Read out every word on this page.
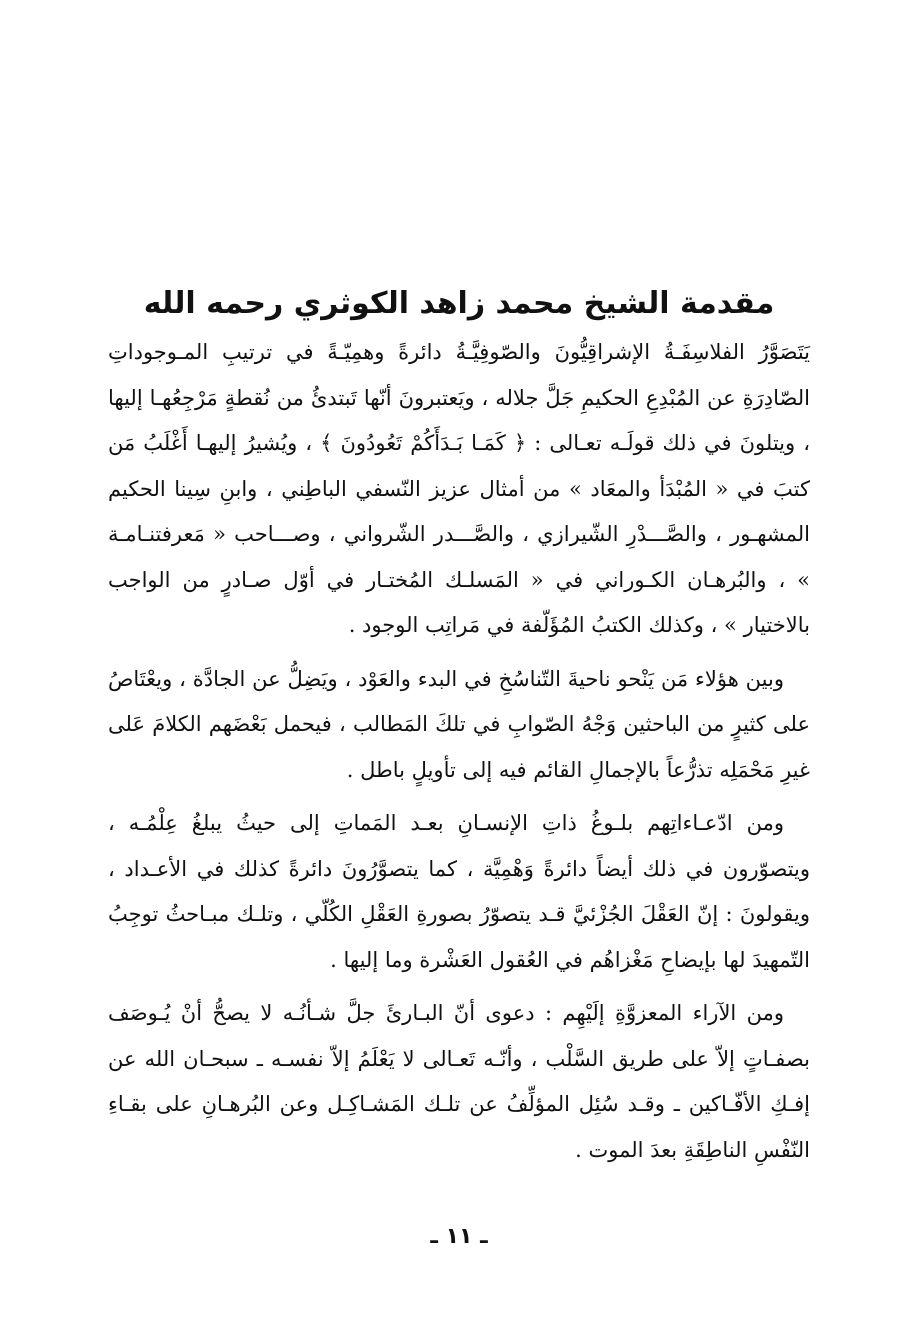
مقدمة الشيخ محمد زاهد الكوثري رحمه الله

يَتَصَوَّرُ الفلاسِفَـةُ الإشراقِيُّونَ والصّوفِيَّـةُ دائرةً وهمِيّـةً في ترتيبِ المـوجوداتِ الصّادِرَةِ عن المُبْدِعِ الحكيمِ جَلَّ جلاله ، ويَعتبرونَ أنّها تَبتدئُ من نُقطةٍ مَرْجِعُهـا إليها ، ويتلونَ في ذلك قولَـه تعـالى : ﴿ كَمَـا بَـدَأَكُمْ تَعُودُونَ ﴾ ، ويُشيرُ إليهـا أَغْلَبُ مَن كتبَ في « المُبْدَأ والمعَاد » من أمثال عزيز النّسفي الباطِني ، وابنِ سِينا الحكيم المشهـور ، والصَّـــدْرِ الشّيرازي ، والصَّـــدر الشّرواني ، وصـــاحب « مَعرفتنـامـة » ، والبُرهـان الكـوراني في « المَسلـك المُختـار في أوّل صـادرٍ من الواجب بالاختيار » ، وكذلك الكتبُ المُؤَلّفة في مَراتِب الوجود .

وبين هؤلاء مَن يَنْحو ناحيةَ التّناسُخِ في البدء والعَوْد ، ويَضِلُّ عن الجادَّة ، ويعْتَاصُ على كثيرٍ من الباحثين وَجْهُ الصّوابِ في تلكَ المَطالب ، فيحمل بَعْضَهم الكلامَ عَلى غيرِ مَحْمَلِه تذرُّعاً بالإجمالِ القائم فيه إلى تأويلٍ باطل .

ومن ادّعـاءاتِهم بلـوغُ ذاتِ الإنسـانِ بعـد المَماتِ إلى حيثُ يبلغُ عِلْمُـه ، ويتصوّرون في ذلك أيضاً دائرةً وَهْمِيَّة ، كما يتصوَّرُونَ دائرةً كذلك في الأعـداد ، ويقولونَ : إنّ العَقْلَ الجُزْئيَّ قـد يتصوّرُ بصورةِ العَقْلِ الكُلّي ، وتلـك مبـاحثُ توجِبُ التّمهيدَ لها بإيضاحِ مَغْزاهُم في العُقول العَشْرة وما إليها .

ومن الآراء المعزوَّةِ إلَيْهِم : دعوى أنّ البـارئَ جلَّ شـأنُـه لا يصحُّ أنْ يُـوصَف بصفـاتٍ إلاّ على طريق السَّلْب ، وأنّـه تَعـالى لا يَعْلَمُ إلاّ نفسـه ـ سبحـان الله عن إفـكِ الأفّـاكين ـ وقـد سُئِل المؤلِّفُ عن تلـك المَشـاكِـل وعن البُرهـانِ على بقـاءِ النّفْسِ الناطِقَةِ بعدَ الموت .

ـ ١١ ـ
